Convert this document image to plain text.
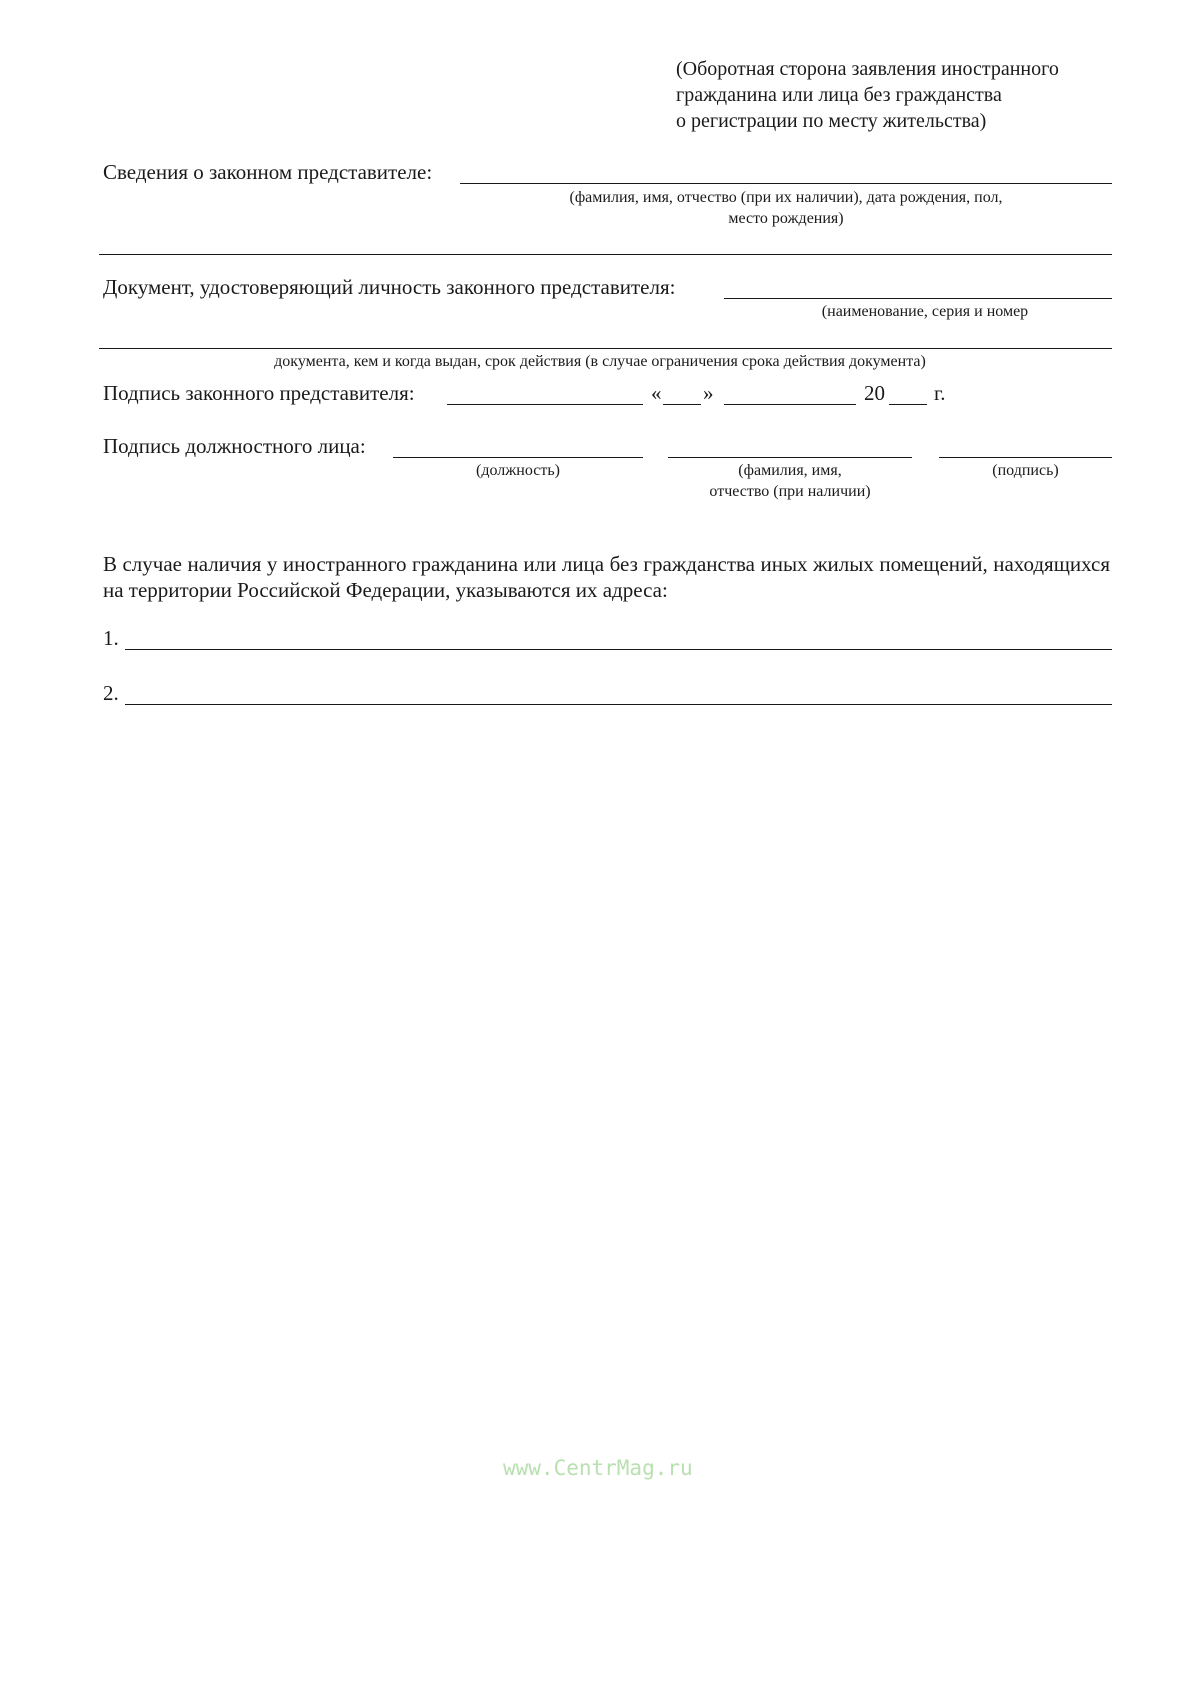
(Оборотная сторона заявления иностранного
гражданина или лица без гражданства
о регистрации по месту жительства)
Сведения о законном представителе:
(фамилия, имя, отчество (при их наличии), дата рождения, пол,
место рождения)
Документ, удостоверяющий личность законного представителя:
(наименование, серия и номер
документа, кем и когда выдан, срок действия (в случае ограничения срока действия документа)
Подпись законного представителя:	« »	20 г.
Подпись должностного лица:
(должность)	(фамилия, имя,
отчество (при наличии)
(подпись)
В случае наличия у иностранного гражданина или лица без гражданства иных жилых помещений, находящихся на территории Российской Федерации, указываются их адреса:
1.
2.
www.CentrMag.ru
